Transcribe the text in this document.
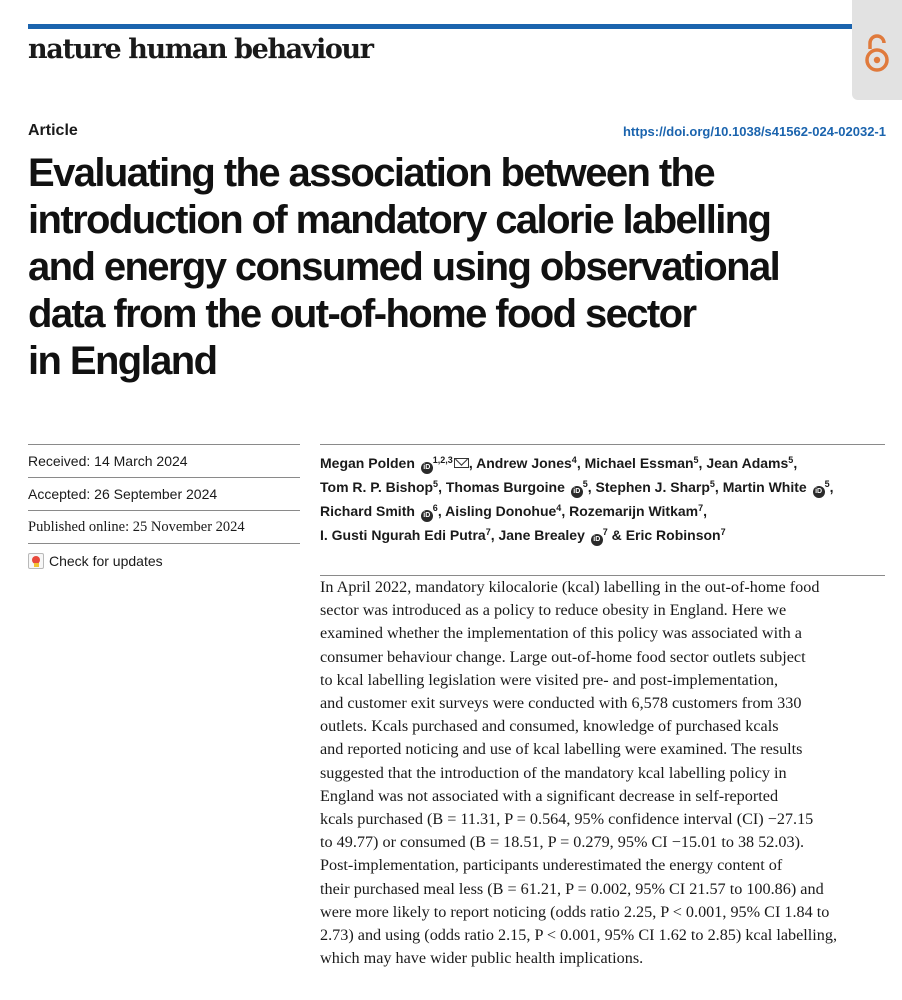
nature human behaviour
Article	https://doi.org/10.1038/s41562-024-02032-1
Evaluating the association between the
introduction of mandatory calorie labelling
and energy consumed using observational
data from the out-of-home food sector
in England
Received:
14 March 2024
Accepted:
26 September 2024
Published online:
25 November 2024
Check for updates
Megan Polden iD$^{1,2,3}$ , Andrew Jones$^4$, Michael Essman$^5$, Jean Adams$^5$,
Tom R. P. Bishop$^5$, Thomas Burgoine $iD^5$, Stephen J. Sharp$^5$, Martin White $iD^5$,
Richard Smith $iD^6$, Aisling Donohue$^4$, Rozemarijn Witkam$^7$,
I. Gusti Ngurah Edi Putra$^7$, Jane Brealey $iD^7$ & Eric Robinson$^7$
In April 2022, mandatory kilocalorie (kcal) labelling in the out-of-home food
sector was introduced as a policy to reduce obesity in England. Here we
examined whether the implementation of this policy was associated with a
consumer behaviour change. Large out-of-home food sector outlets subject
to kcal labelling legislation were visited pre- and post-implementation,
and customer exit surveys were conducted with 6,578 customers from 330
outlets. Kcals purchased and consumed, knowledge of purchased kcals
and reported noticing and use of kcal labelling were examined. The results
suggested that the introduction of the mandatory kcal labelling policy in
England was not associated with a significant decrease in self-reported
kcals purchased (B = 11.31, P = 0.564, 95% confidence interval (CI) −27.15
to 49.77) or consumed (B = 18.51, P = 0.279, 95% CI −15.01 to 38 52.03).
Post-implementation, participants underestimated the energy content of
their purchased meal less (B = 61.21, P = 0.002, 95% CI 21.57 to 100.86) and
were more likely to report noticing (odds ratio 2.25, P < 0.001, 95% CI 1.84 to
2.73) and using (odds ratio 2.15, P < 0.001, 95% CI 1.62 to 2.85) kcal labelling,
which may have wider public health implications.
